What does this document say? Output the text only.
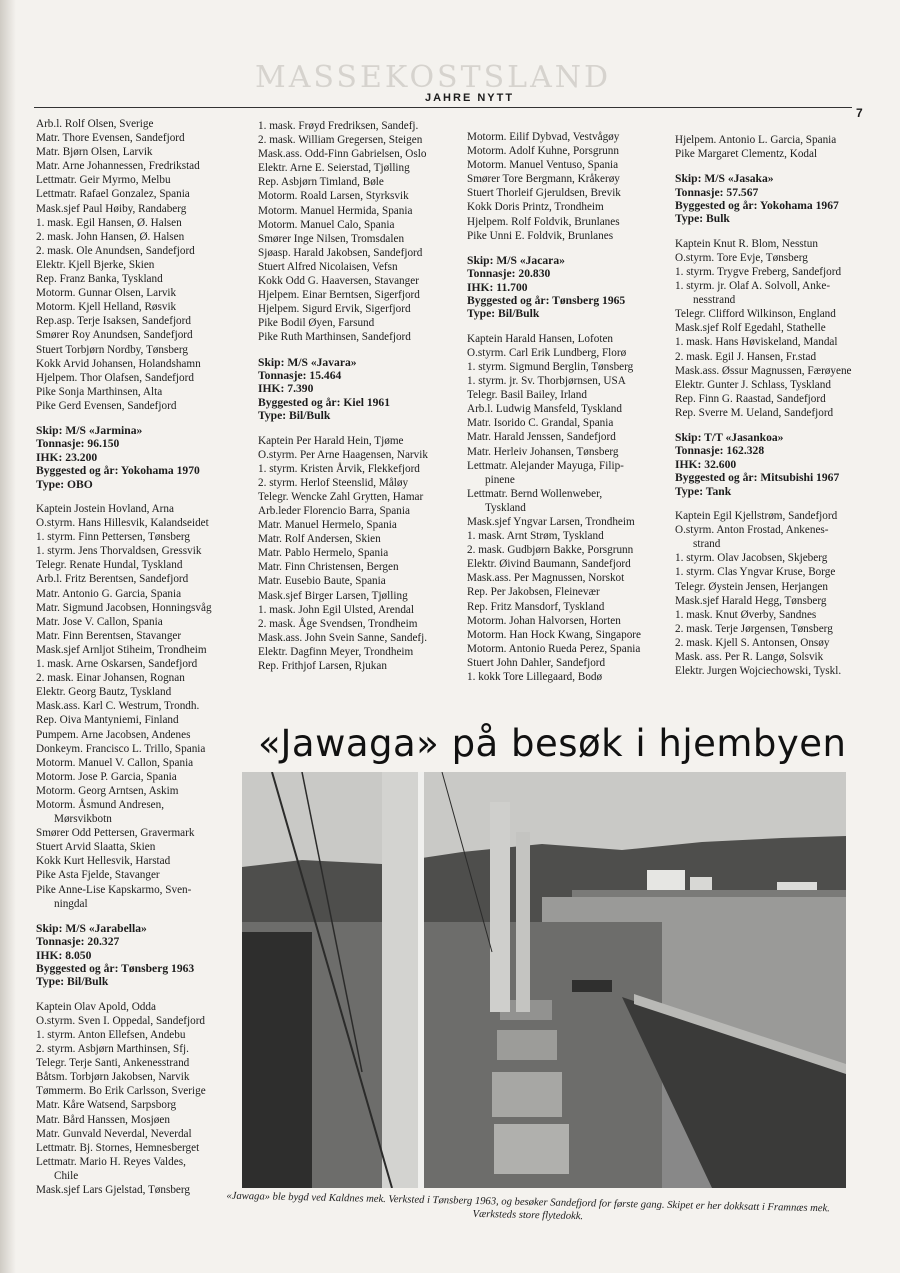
MASSEKOSTSLAND
JAHRE NYTT
7
Arb.l. Rolf Olsen, Sverige
Matr. Thore Evensen, Sandefjord
Matr. Bjørn Olsen, Larvik
Matr. Arne Johannessen, Fredrikstad
Lettmatr. Geir Myrmo, Melbu
Lettmatr. Rafael Gonzalez, Spania
Mask.sjef Paul Høiby, Randaberg
1. mask. Egil Hansen, Ø. Halsen
2. mask. John Hansen, Ø. Halsen
2. mask. Ole Anundsen, Sandefjord
Elektr. Kjell Bjerke, Skien
Rep. Franz Banka, Tyskland
Motorm. Gunnar Olsen, Larvik
Motorm. Kjell Helland, Røsvik
Rep.asp. Terje Isaksen, Sandefjord
Smører Roy Anundsen, Sandefjord
Stuert Torbjørn Nordby, Tønsberg
Kokk Arvid Johansen, Holandshamn
Hjelpem. Thor Olafsen, Sandefjord
Pike Sonja Marthinsen, Alta
Pike Gerd Evensen, Sandefjord
Skip: M/S «Jarmina»
Tonnasje: 96.150
IHK: 23.200
Byggested og år: Yokohama 1970
Type: OBO
Kaptein Jostein Hovland, Arna
O.styrm. Hans Hillesvik, Kalandseidet
1. styrm. Finn Pettersen, Tønsberg
1. styrm. Jens Thorvaldsen, Gressvik
Telegr. Renate Hundal, Tyskland
Arb.l. Fritz Berentsen, Sandefjord
Matr. Antonio G. Garcia, Spania
Matr. Sigmund Jacobsen, Honningsvåg
Matr. Jose V. Callon, Spania
Matr. Finn Berentsen, Stavanger
Mask.sjef Arnljot Stiheim, Trondheim
1. mask. Arne Oskarsen, Sandefjord
2. mask. Einar Johansen, Rognan
Elektr. Georg Bautz, Tyskland
Mask.ass. Karl C. Westrum, Trondh.
Rep. Oiva Mantyniemi, Finland
Pumpem. Arne Jacobsen, Andenes
Donkeym. Francisco L. Trillo, Spania
Motorm. Manuel V. Callon, Spania
Motorm. Jose P. Garcia, Spania
Motorm. Georg Arntsen, Askim
Motorm. Åsmund Andresen,
Mørsvikbotn
Smører Odd Pettersen, Gravermark
Stuert Arvid Slaatta, Skien
Kokk Kurt Hellesvik, Harstad
Pike Asta Fjelde, Stavanger
Pike Anne-Lise Kapskarmo, Sven-
ningdal
Skip: M/S «Jarabella»
Tonnasje: 20.327
IHK: 8.050
Byggested og år: Tønsberg 1963
Type: Bil/Bulk
Kaptein Olav Apold, Odda
O.styrm. Sven I. Oppedal, Sandefjord
1. styrm. Anton Ellefsen, Andebu
2. styrm. Asbjørn Marthinsen, Sfj.
Telegr. Terje Santi, Ankenesstrand
Båtsm. Torbjørn Jakobsen, Narvik
Tømmerm. Bo Erik Carlsson, Sverige
Matr. Kåre Watsend, Sarpsborg
Matr. Bård Hanssen, Mosjøen
Matr. Gunvald Neverdal, Neverdal
Lettmatr. Bj. Stornes, Hemnesberget
Lettmatr. Mario H. Reyes Valdes,
Chile
Mask.sjef Lars Gjelstad, Tønsberg
1. mask. Frøyd Fredriksen, Sandefj.
2. mask. William Gregersen, Steigen
Mask.ass. Odd-Finn Gabrielsen, Oslo
Elektr. Arne E. Seierstad, Tjølling
Rep. Asbjørn Timland, Bøle
Motorm. Roald Larsen, Styrksvik
Motorm. Manuel Hermida, Spania
Motorm. Manuel Calo, Spania
Smører Inge Nilsen, Tromsdalen
Sjøasp. Harald Jakobsen, Sandefjord
Stuert Alfred Nicolaisen, Vefsn
Kokk Odd G. Haaversen, Stavanger
Hjelpem. Einar Berntsen, Sigerfjord
Hjelpem. Sigurd Ervik, Sigerfjord
Pike Bodil Øyen, Farsund
Pike Ruth Marthinsen, Sandefjord
Skip: M/S «Javara»
Tonnasje: 15.464
IHK: 7.390
Byggested og år: Kiel 1961
Type: Bil/Bulk
Kaptein Per Harald Hein, Tjøme
O.styrm. Per Arne Haagensen, Narvik
1. styrm. Kristen Årvik, Flekkefjord
2. styrm. Herlof Steenslid, Måløy
Telegr. Wencke Zahl Grytten, Hamar
Arb.leder Florencio Barra, Spania
Matr. Manuel Hermelo, Spania
Matr. Rolf Andersen, Skien
Matr. Pablo Hermelo, Spania
Matr. Finn Christensen, Bergen
Matr. Eusebio Baute, Spania
Mask.sjef Birger Larsen, Tjølling
1. mask. John Egil Ulsted, Arendal
2. mask. Åge Svendsen, Trondheim
Mask.ass. John Svein Sanne, Sandefj.
Elektr. Dagfinn Meyer, Trondheim
Rep. Frithjof Larsen, Rjukan
Motorm. Eilif Dybvad, Vestvågøy
Motorm. Adolf Kuhne, Porsgrunn
Motorm. Manuel Ventuso, Spania
Smører Tore Bergmann, Kråkerøy
Stuert Thorleif Gjeruldsen, Brevik
Kokk Doris Printz, Trondheim
Hjelpem. Rolf Foldvik, Brunlanes
Pike Unni E. Foldvik, Brunlanes
Skip: M/S «Jacara»
Tonnasje: 20.830
IHK: 11.700
Byggested og år: Tønsberg 1965
Type: Bil/Bulk
Kaptein Harald Hansen, Lofoten
O.styrm. Carl Erik Lundberg, Florø
1. styrm. Sigmund Berglin, Tønsberg
1. styrm. jr. Sv. Thorbjørnsen, USA
Telegr. Basil Bailey, Irland
Arb.l. Ludwig Mansfeld, Tyskland
Matr. Isorido C. Grandal, Spania
Matr. Harald Jenssen, Sandefjord
Matr. Herleiv Johansen, Tønsberg
Lettmatr. Alejander Mayuga, Filip-
pinene
Lettmatr. Bernd Wollenweber,
Tyskland
Mask.sjef Yngvar Larsen, Trondheim
1. mask. Arnt Strøm, Tyskland
2. mask. Gudbjørn Bakke, Porsgrunn
Elektr. Øivind Baumann, Sandefjord
Mask.ass. Per Magnussen, Norskot
Rep. Per Jakobsen, Fleinevær
Rep. Fritz Mansdorf, Tyskland
Motorm. Johan Halvorsen, Horten
Motorm. Han Hock Kwang, Singapore
Motorm. Antonio Rueda Perez, Spania
Stuert John Dahler, Sandefjord
1. kokk Tore Lillegaard, Bodø
Hjelpem. Antonio L. Garcia, Spania
Pike Margaret Clementz, Kodal
Skip: M/S «Jasaka»
Tonnasje: 57.567
Byggested og år: Yokohama 1967
Type: Bulk
Kaptein Knut R. Blom, Nesstun
O.styrm. Tore Evje, Tønsberg
1. styrm. Trygve Freberg, Sandefjord
1. styrm. jr. Olaf A. Solvoll, Anke-
nesstrand
Telegr. Clifford Wilkinson, England
Mask.sjef Rolf Egedahl, Stathelle
1. mask. Hans Høviskeland, Mandal
2. mask. Egil J. Hansen, Fr.stad
Mask.ass. Øssur Magnussen, Færøyene
Elektr. Gunter J. Schlass, Tyskland
Rep. Finn G. Raastad, Sandefjord
Rep. Sverre M. Ueland, Sandefjord
Skip: T/T «Jasankoa»
Tonnasje: 162.328
IHK: 32.600
Byggested og år: Mitsubishi 1967
Type: Tank
Kaptein Egil Kjellstrøm, Sandefjord
O.styrm. Anton Frostad, Ankenes-
strand
1. styrm. Olav Jacobsen, Skjeberg
1. styrm. Clas Yngvar Kruse, Borge
Telegr. Øystein Jensen, Herjangen
Mask.sjef Harald Hegg, Tønsberg
1. mask. Knut Øverby, Sandnes
2. mask. Terje Jørgensen, Tønsberg
2. mask. Kjell S. Antonsen, Onsøy
Mask. ass. Per R. Langø, Solsvik
Elektr. Jurgen Wojciechowski, Tyskl.
«Jawaga» på besøk i hjembyen
«Jawaga» ble bygd ved Kaldnes mek. Verksted i Tønsberg 1963, og besøker Sandefjord for første gang. Skipet er her dokksatt i Framnæs mek. Værksteds store flytedokk.
